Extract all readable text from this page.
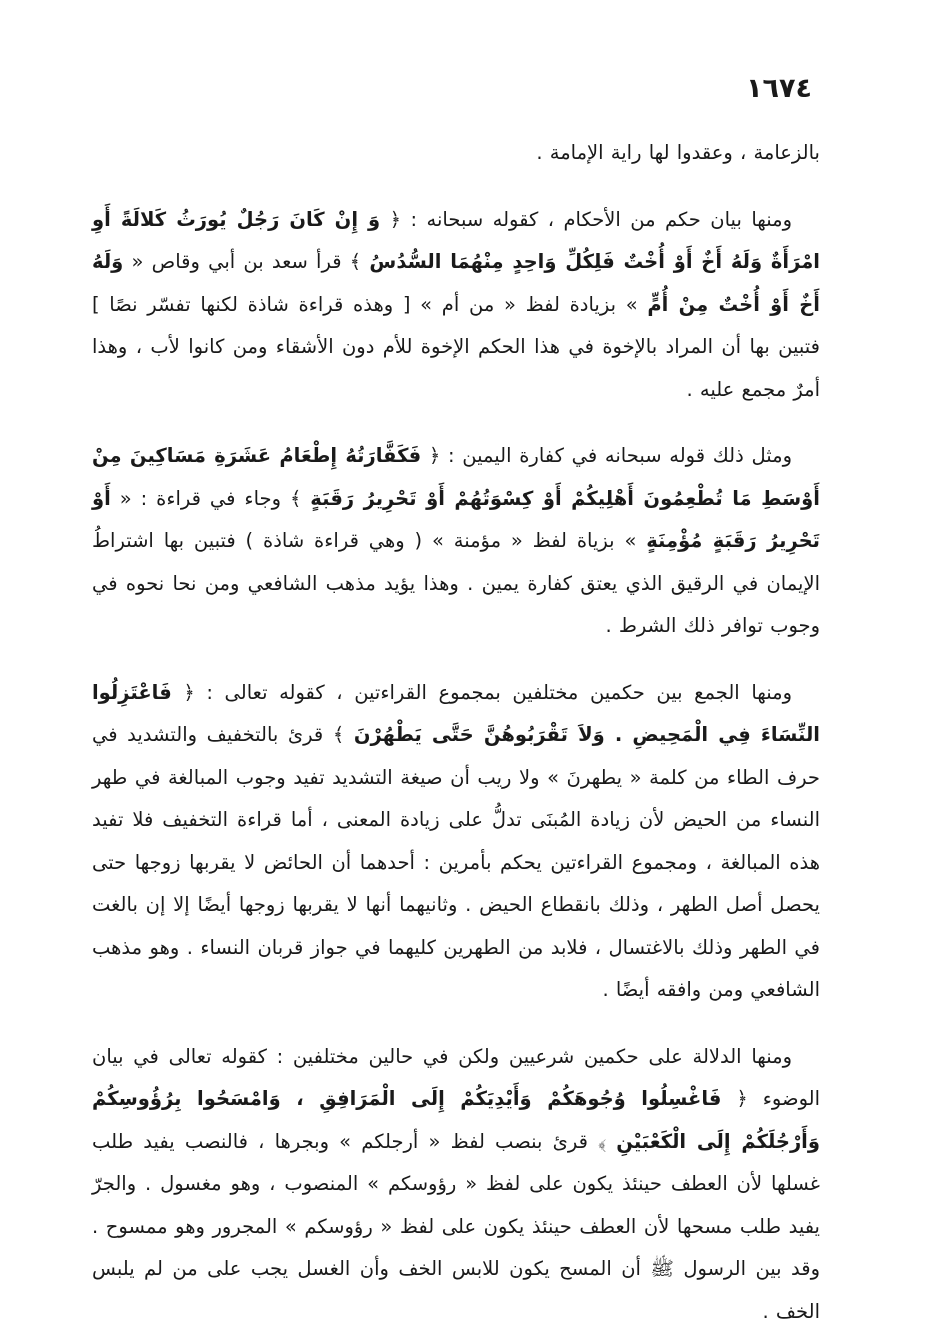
١٦٧٤

بالزعامة ، وعقدوا لها راية الإمامة .

ومنها بيان حكم من الأحكام ، كقوله سبحانه : ﴿ وَ إِنْ كَانَ رَجُلٌ يُورَثُ كَلالَةً أَوِ امْرَأَةٌ وَلَهُ أَخٌ أَوْ أُخْتٌ فَلِكُلِّ وَاحِدٍ مِنْهُمَا السُّدُسُ ﴾ قرأ سعد بن أبي وقاص « وَلَهُ أَخٌ أَوْ أُخْتٌ مِنْ أُمٍّ » بزيادة لفظ « من أم » [ وهذه قراءة شاذة لكنها تفسّر نصًا ] فتبين بها أن المراد بالإخوة في هذا الحكم الإخوة للأم دون الأشقاء ومن كانوا لأب ، وهذا أمرٌ مجمع عليه .

ومثل ذلك قوله سبحانه في كفارة اليمين : ﴿ فَكَفَّارَتُهُ إِطْعَامُ عَشَرَةِ مَسَاكِينَ مِنْ أَوْسَطِ مَا تُطْعِمُونَ أَهْلِيكُمْ أَوْ كِسْوَتُهُمْ أَوْ تَحْرِيرُ رَقَبَةٍ ﴾ وجاء في قراءة : « أَوْ تَحْرِيرُ رَقَبَةٍ مُؤْمِنَةٍ » بزياة لفظ « مؤمنة » ( وهي قراءة شاذة ) فتبين بها اشتراطُ الإيمان في الرقيق الذي يعتق كفارة يمين . وهذا يؤيد مذهب الشافعي ومن نحا نحوه في وجوب توافر ذلك الشرط .

ومنها الجمع بين حكمين مختلفين بمجموع القراءتين ، كقوله تعالى : ﴿ فَاعْتَزِلُوا النِّسَاءَ فِي الْمَحِيضِ . وَلاَ تَقْرَبُوهُنَّ حَتَّى يَطْهُرْنَ ﴾ قرئ بالتخفيف والتشديد في حرف الطاء من كلمة « يطهرنَ » ولا ريب أن صيغة التشديد تفيد وجوب المبالغة في طهر النساء من الحيض لأن زيادة المُبنَى تدلُّ على زيادة المعنى ، أما قراءة التخفيف فلا تفيد هذه المبالغة ، ومجموع القراءتين يحكم بأمرين : أحدهما أن الحائض لا يقربها زوجها حتى يحصل أصل الطهر ، وذلك بانقطاع الحيض . وثانيهما أنها لا يقربها زوجها أيضًا إلا إن بالغت في الطهر وذلك بالاغتسال ، فلابد من الطهرين كليهما في جواز قربان النساء . وهو مذهب الشافعي ومن وافقه أيضًا .

ومنها الدلالة على حكمين شرعيين ولكن في حالين مختلفين : كقوله تعالى في بيان الوضوء ﴿ فَاغْسِلُوا وُجُوهَكُمْ وَأَيْدِيَكُمْ إِلَى الْمَرَافِقِ ، وَامْسَحُوا بِرُؤُوسِكُمْ وَأَرْجُلَكُمْ إِلَى الْكَعْبَيْنِ ﴾ قرئ بنصب لفظ « أرجلكم » وبجرها ، فالنصب يفيد طلب غسلها لأن العطف حينئذ يكون على لفظ « رؤوسكم » المنصوب ، وهو مغسول . والجرّ يفيد طلب مسحها لأن العطف حينئذ يكون على لفظ « رؤوسكم » المجرور وهو ممسوح . وقد بين الرسول ﷺ أن المسح يكون للابس الخف وأن الغسل يجب على من لم يلبس الخف .
